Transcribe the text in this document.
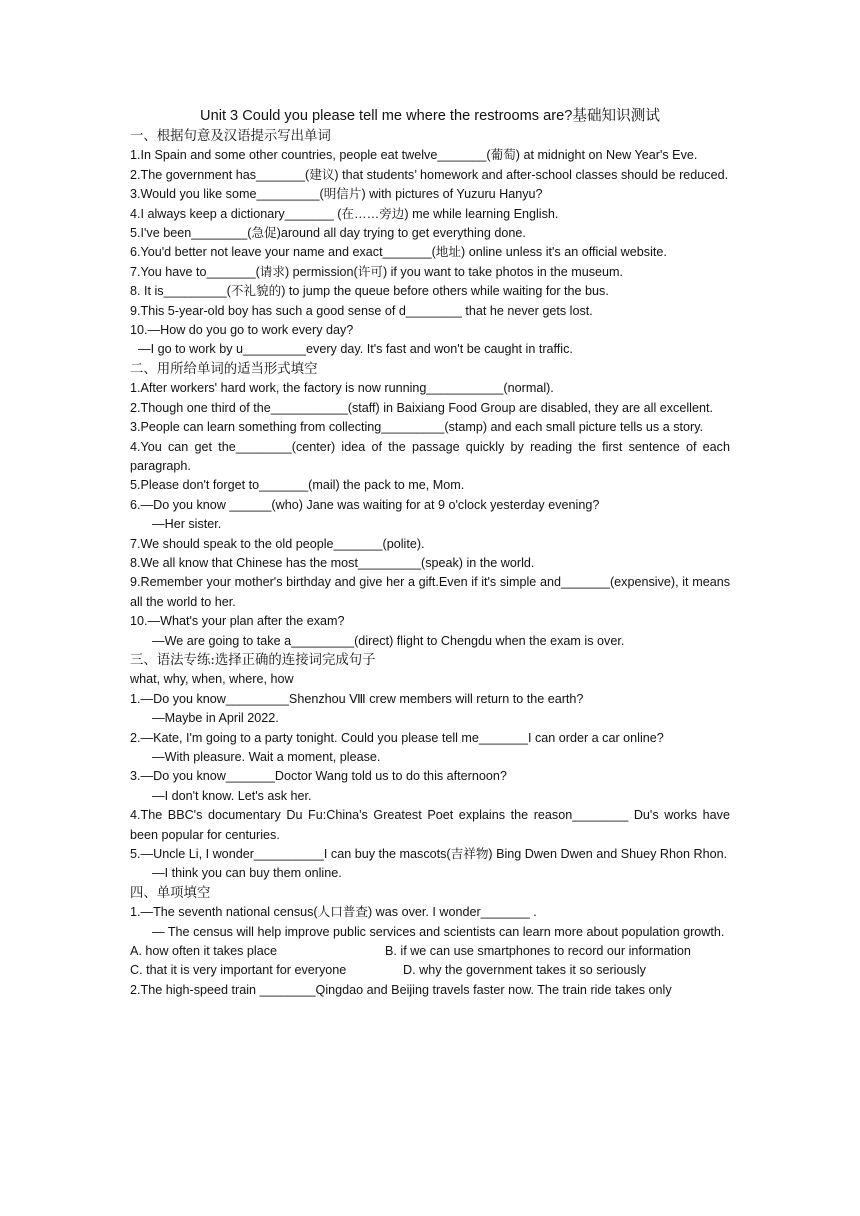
Unit 3 Could you please tell me where the restrooms are?基础知识测试
一、根据句意及汉语提示写出单词

1.In Spain and some other countries, people eat twelve_______(葡萄) at midnight on New Year's Eve.

2.The government has_______(建议) that students’ homework and after-school classes should be reduced.

3.Would you like some_________(明信片) with pictures of Yuzuru Hanyu?

4.I always keep a dictionary_______ (在……旁边) me while learning English.

5.I've been________(急促)around all day trying to get everything done.

6.You'd better not leave your name and exact_______(地址) online unless it's an official website.

7.You have to_______(请求) permission(许可) if you want to take photos in the museum.

8. It is_________(不礼貌的) to jump the queue before others while waiting for the bus.

9.This 5-year-old boy has such a good sense of d________ that he never gets lost.

10.—How do you go to work every day?

—I go to work by u_________every day. It's fast and won't be caught in traffic.

二、用所给单词的适当形式填空

1.After workers' hard work, the factory is now running___________(normal).

2.Though one third of the___________(staff) in Baixiang Food Group are disabled, they are all excellent.

3.People can learn something from collecting_________(stamp) and each small picture tells us a story.

4.You can get the________(center) idea of the passage quickly by reading the first sentence of each paragraph.

5.Please don't forget to_______(mail) the pack to me, Mom.

6.—Do you know ______(who) Jane was waiting for at 9 o'clock yesterday evening?

—Her sister.

7.We should speak to the old people_______(polite).

8.We all know that Chinese has the most_________(speak) in the world.

9.Remember your mother's birthday and give her a gift.Even if it's simple and_______(expensive), it means all the world to her.

10.—What's your plan after the exam?

—We are going to take a_________(direct) flight to Chengdu when the exam is over.

三、语法专练:选择正确的连接词完成句子

what, why, when, where, how

1.—Do you know_________Shenzhou Ⅷ crew members will return to the earth?

—Maybe in April 2022.

2.—Kate, I'm going to a party tonight. Could you please tell me_______I can order a car online?

—With pleasure. Wait a moment, please.

3.—Do you know_______Doctor Wang told us to do this afternoon?

—I don't know. Let's ask her.

4.The BBC's documentary Du Fu:China's Greatest Poet explains the reason________ Du's works have been popular for centuries.

5.—Uncle Li, I wonder__________I can buy the mascots(吉祥物) Bing Dwen Dwen and Shuey Rhon Rhon.

—I think you can buy them online.

四、单项填空

1.—The seventh national census(人口普查) was over. I wonder_______ .

— The census will help improve public services and scientists can learn more about population growth.

A. how often it takes place	B. if we can use smartphones to record our information
C. that it is very important for everyone	D. why the government takes it so seriously

2.The high-speed train ________Qingdao and Beijing travels faster now. The train ride takes only
